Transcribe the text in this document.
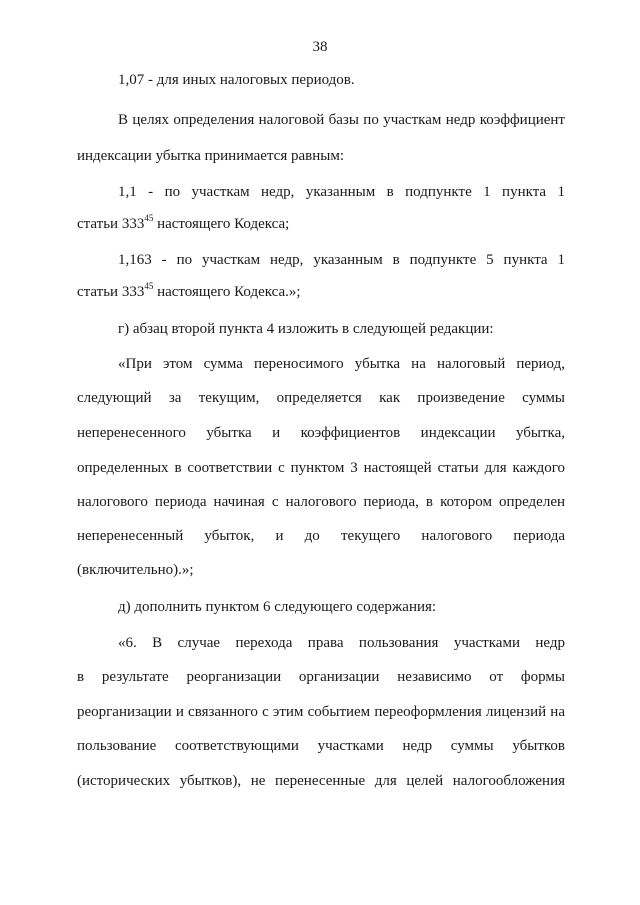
38
1,07 - для иных налоговых периодов.
В целях определения налоговой базы по участкам недр коэффициент
индексации убытка принимается равным:
1,1 - по участкам недр, указанным в подпункте 1 пункта 1
статьи $333^{45}$ настоящего Кодекса;
1,163 - по участкам недр, указанным в подпункте 5 пункта 1
статьи $333^{45}$ настоящего Кодекса.»;
г) абзац второй пункта 4 изложить в следующей редакции:
«При этом сумма переносимого убытка на налоговый период,
следующий за текущим, определяется как произведение суммы
неперенесенного убытка и коэффициентов индексации убытка,
определенных в соответствии с пунктом 3 настоящей статьи для каждого
налогового периода начиная с налогового периода, в котором определен
неперенесенный убыток, и до текущего налогового периода
(включительно).»;
д) дополнить пунктом 6 следующего содержания:
«6. В случае перехода права пользования участками недр
в результате реорганизации организации независимо от формы
реорганизации и связанного с этим событием переоформления лицензий на
пользование соответствующими участками недр суммы убытков
(исторических убытков), не перенесенные для целей налогообложения
